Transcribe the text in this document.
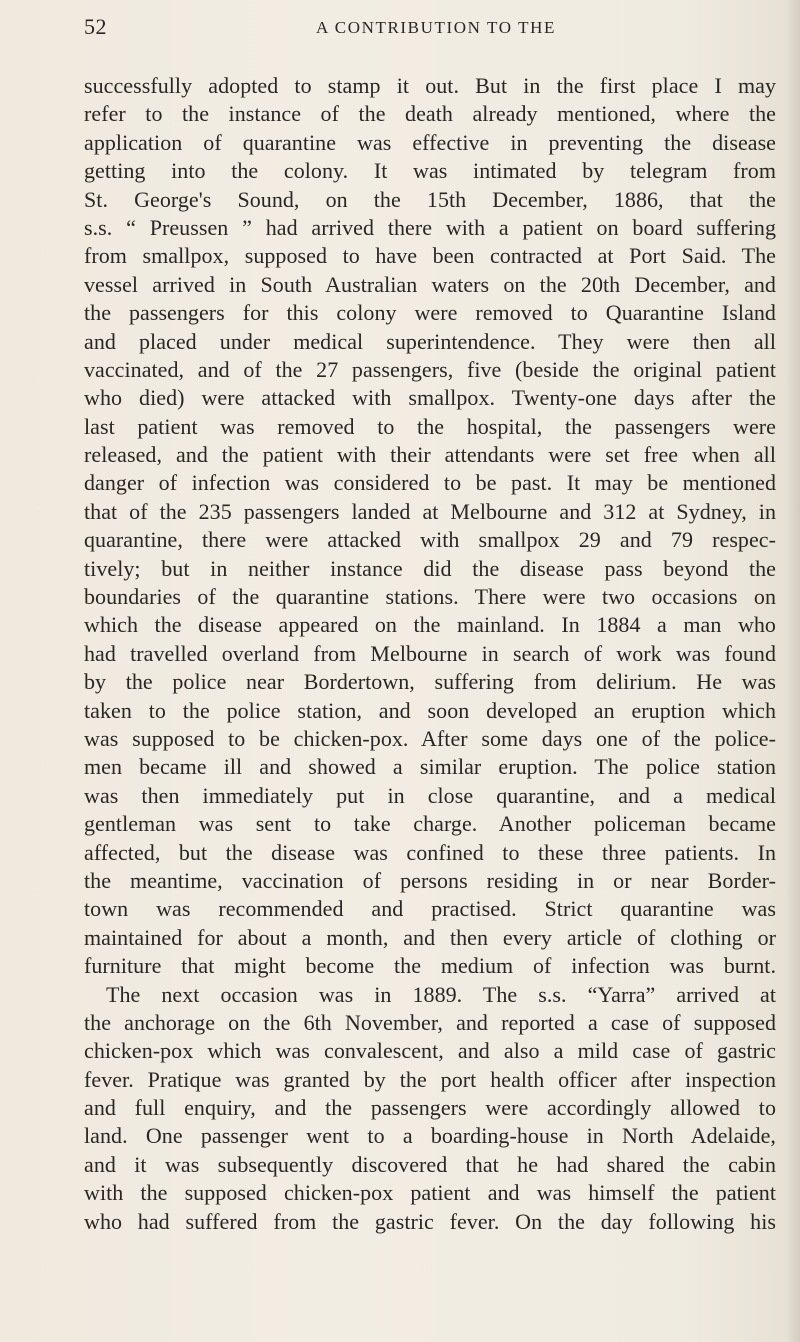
52	A CONTRIBUTION TO THE
successfully adopted to stamp it out. But in the first place I may
refer to the instance of the death already mentioned, where the
application of quarantine was effective in preventing the disease
getting into the colony. It was intimated by telegram from
St. George's Sound, on the 15th December, 1886, that the
s.s. “ Preussen ” had arrived there with a patient on board suffering
from smallpox, supposed to have been contracted at Port Said. The
vessel arrived in South Australian waters on the 20th December, and
the passengers for this colony were removed to Quarantine Island
and placed under medical superintendence. They were then all
vaccinated, and of the 27 passengers, five (beside the original patient
who died) were attacked with smallpox. Twenty-one days after the
last patient was removed to the hospital, the passengers were
released, and the patient with their attendants were set free when all
danger of infection was considered to be past. It may be mentioned
that of the 235 passengers landed at Melbourne and 312 at Sydney, in
quarantine, there were attacked with smallpox 29 and 79 respec-
tively; but in neither instance did the disease pass beyond the
boundaries of the quarantine stations. There were two occasions on
which the disease appeared on the mainland. In 1884 a man who
had travelled overland from Melbourne in search of work was found
by the police near Bordertown, suffering from delirium. He was
taken to the police station, and soon developed an eruption which
was supposed to be chicken-pox. After some days one of the police-
men became ill and showed a similar eruption. The police station
was then immediately put in close quarantine, and a medical
gentleman was sent to take charge. Another policeman became
affected, but the disease was confined to these three patients. In
the meantime, vaccination of persons residing in or near Border-
town was recommended and practised. Strict quarantine was
maintained for about a month, and then every article of clothing or
furniture that might become the medium of infection was burnt.
The next occasion was in 1889. The s.s. “Yarra” arrived at
the anchorage on the 6th November, and reported a case of supposed
chicken-pox which was convalescent, and also a mild case of gastric
fever. Pratique was granted by the port health officer after inspection
and full enquiry, and the passengers were accordingly allowed to
land. One passenger went to a boarding-house in North Adelaide,
and it was subsequently discovered that he had shared the cabin
with the supposed chicken-pox patient and was himself the patient
who had suffered from the gastric fever. On the day following his
